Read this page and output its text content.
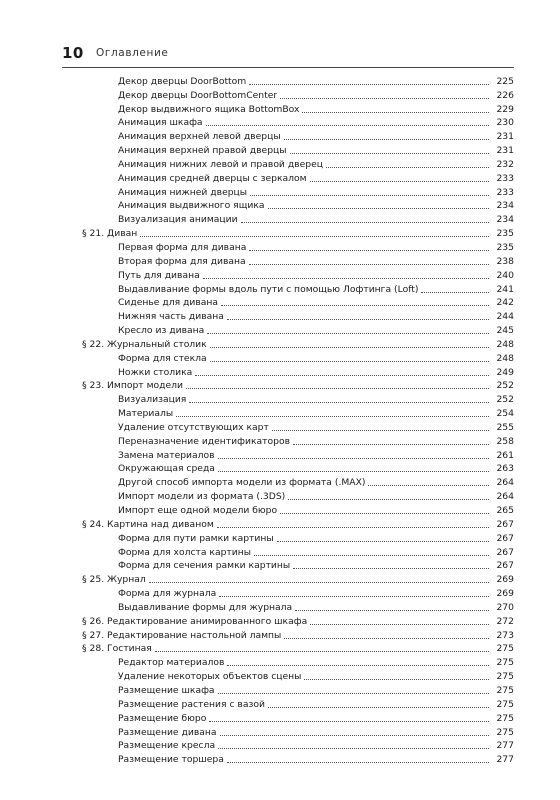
10 Оглавление
Декор дверцы DoorBottom	225
Декор дверцы DoorBottomCenter	226
Декор выдвижного ящика BottomBox	229
Анимация шкафа	230
Анимация верхней левой дверцы	231
Анимация верхней правой дверцы	231
Анимация нижних левой и правой дверец	232
Анимация средней дверцы с зеркалом	233
Анимация нижней дверцы	233
Анимация выдвижного ящика	234
Визуализация анимации	234
§ 21. Диван	235
Первая форма для дивана	235
Вторая форма для дивана	238
Путь для дивана	240
Выдавливание формы вдоль пути с помощью Лофтинга (Loft)	241
Сиденье для дивана	242
Нижняя часть дивана	244
Кресло из дивана	245
§ 22. Журнальный столик	248
Форма для стекла	248
Ножки столика	249
§ 23. Импорт модели	252
Визуализация	252
Материалы	254
Удаление отсутствующих карт	255
Переназначение идентификаторов	258
Замена материалов	261
Окружающая среда	263
Другой способ импорта модели из формата (.MAX)	264
Импорт модели из формата (.3DS)	264
Импорт еще одной модели бюро	265
§ 24. Картина над диваном	267
Форма для пути рамки картины	267
Форма для холста картины	267
Форма для сечения рамки картины	267
§ 25. Журнал	269
Форма для журнала	269
Выдавливание формы для журнала	270
§ 26. Редактирование анимированного шкафа	272
§ 27. Редактирование настольной лампы	273
§ 28. Гостиная	275
Редактор материалов	275
Удаление некоторых объектов сцены	275
Размещение шкафа	275
Размещение растения с вазой	275
Размещение бюро	275
Размещение дивана	275
Размещение кресла	277
Размещение торшера	277
